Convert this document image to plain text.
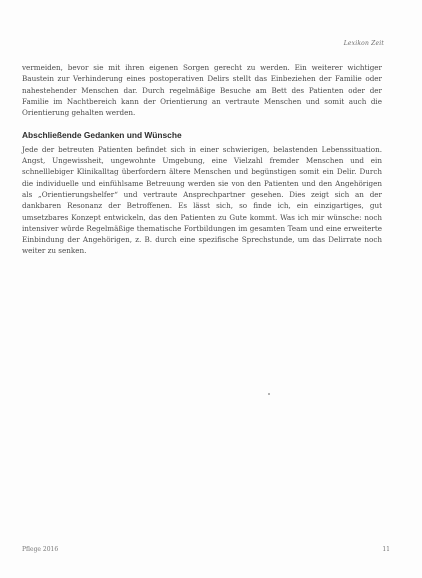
Lexikon Zeit

vermeiden, bevor sie mit ihren eigenen Sorgen gerecht zu werden. Ein weiterer wichtiger Baustein zur Verhinderung eines postoperativen Delirs stellt das Einbeziehen der Familie oder nahestehender Menschen dar. Durch regelmäßige Besuche am Bett des Patienten oder der Familie im Nachtbereich kann der Orientierung an vertraute Menschen und somit auch die Orientierung gehalten werden.

Abschließende Gedanken und Wünsche

Jede der betreuten Patienten befindet sich in einer schwierigen, belastenden Lebenssituation. Angst, Ungewissheit, ungewohnte Umgebung, eine Vielzahl fremder Menschen und ein schnelllebiger Klinikalltag überfordern ältere Menschen und begünstigen somit ein Delir. Durch die individuelle und einfühlsame Betreuung werden sie von den Patienten und den Angehörigen als „Orientierungshelfer“ und vertraute Ansprechpartner gesehen. Dies zeigt sich an der dankbaren Resonanz der Betroffenen. Es lässt sich, so finde ich, ein einzigartiges, gut umsetzbares Konzept entwickeln, das den Patienten zu Gute kommt. Was ich mir wünsche: noch intensiver würde Regelmäßige thematische Fortbildungen im gesamten Team und eine erweiterte Einbindung der Angehörigen, z. B. durch eine spezifische Sprechstunde, um das Delirrate noch weiter zu senken.

Pflege 2016	11
